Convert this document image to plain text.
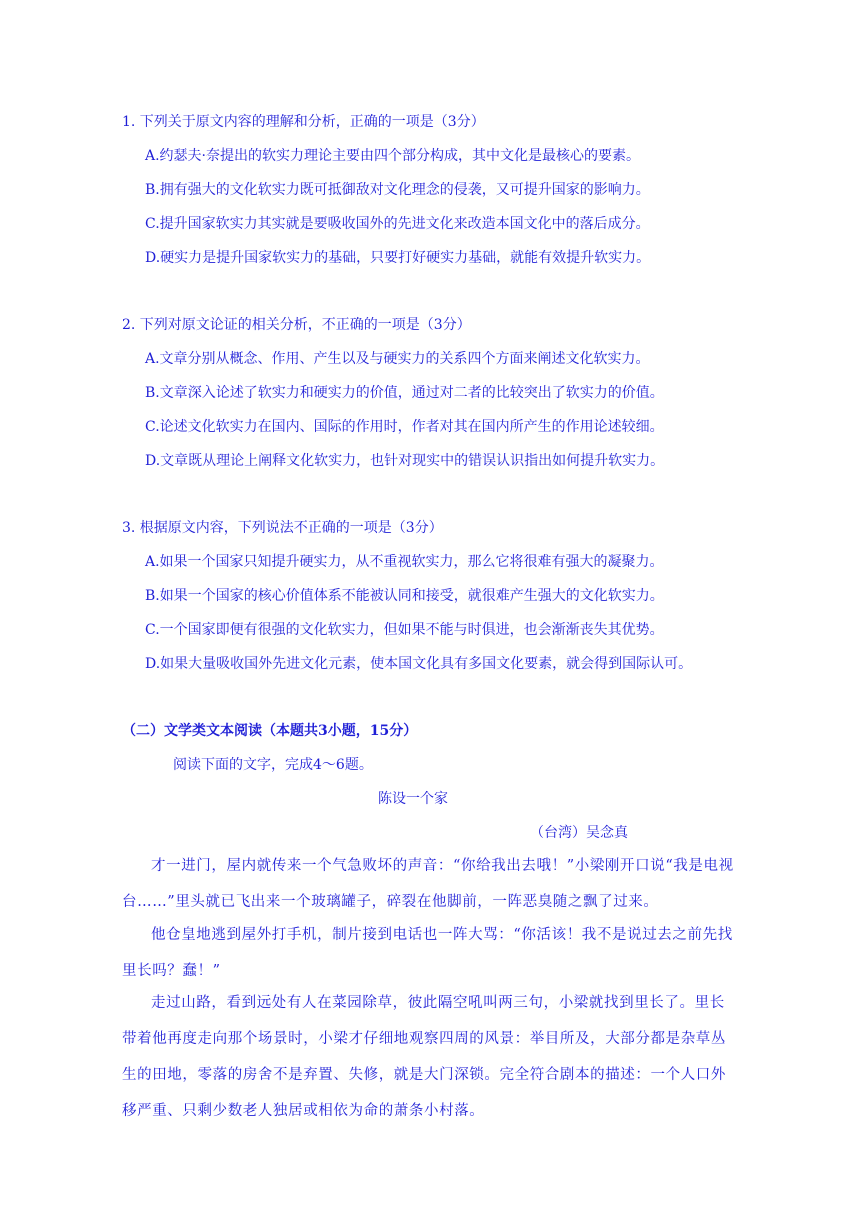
1. 下列关于原文内容的理解和分析，正确的一项是（3分）
A.约瑟夫·奈提出的软实力理论主要由四个部分构成，其中文化是最核心的要素。
B.拥有强大的文化软实力既可抵御敌对文化理念的侵袭，又可提升国家的影响力。
C.提升国家软实力其实就是要吸收国外的先进文化来改造本国文化中的落后成分。
D.硬实力是提升国家软实力的基础，只要打好硬实力基础，就能有效提升软实力。
2. 下列对原文论证的相关分析，不正确的一项是（3分）
A.文章分别从概念、作用、产生以及与硬实力的关系四个方面来阐述文化软实力。
B.文章深入论述了软实力和硬实力的价值，通过对二者的比较突出了软实力的价值。
C.论述文化软实力在国内、国际的作用时，作者对其在国内所产生的作用论述较细。
D.文章既从理论上阐释文化软实力，也针对现实中的错误认识指出如何提升软实力。
3. 根据原文内容，下列说法不正确的一项是（3分）
A.如果一个国家只知提升硬实力，从不重视软实力，那么它将很难有强大的凝聚力。
B.如果一个国家的核心价值体系不能被认同和接受，就很难产生强大的文化软实力。
C.一个国家即便有很强的文化软实力，但如果不能与时俱进，也会渐渐丧失其优势。
D.如果大量吸收国外先进文化元素，使本国文化具有多国文化要素，就会得到国际认可。
（二）文学类文本阅读（本题共3小题，15分）
阅读下面的文字，完成4～6题。
陈设一个家
（台湾）吴念真
才一进门，屋内就传来一个气急败坏的声音：“你给我出去哦！”小梁刚开口说“我是电视台……”里头就已飞出来一个玻璃罐子，碎裂在他脚前，一阵恶臭随之飘了过来。
他仓皇地逃到屋外打手机，制片接到电话也一阵大骂：“你活该！我不是说过去之前先找里长吗？蠢！”
走过山路，看到远处有人在菜园除草，彼此隔空吼叫两三句，小梁就找到里长了。里长带着他再度走向那个场景时，小梁才仔细地观察四周的风景：举目所及，大部分都是杂草丛生的田地，零落的房舍不是弃置、失修，就是大门深锁。完全符合剧本的描述：一个人口外移严重、只剩少数老人独居或相依为命的萧条小村落。
